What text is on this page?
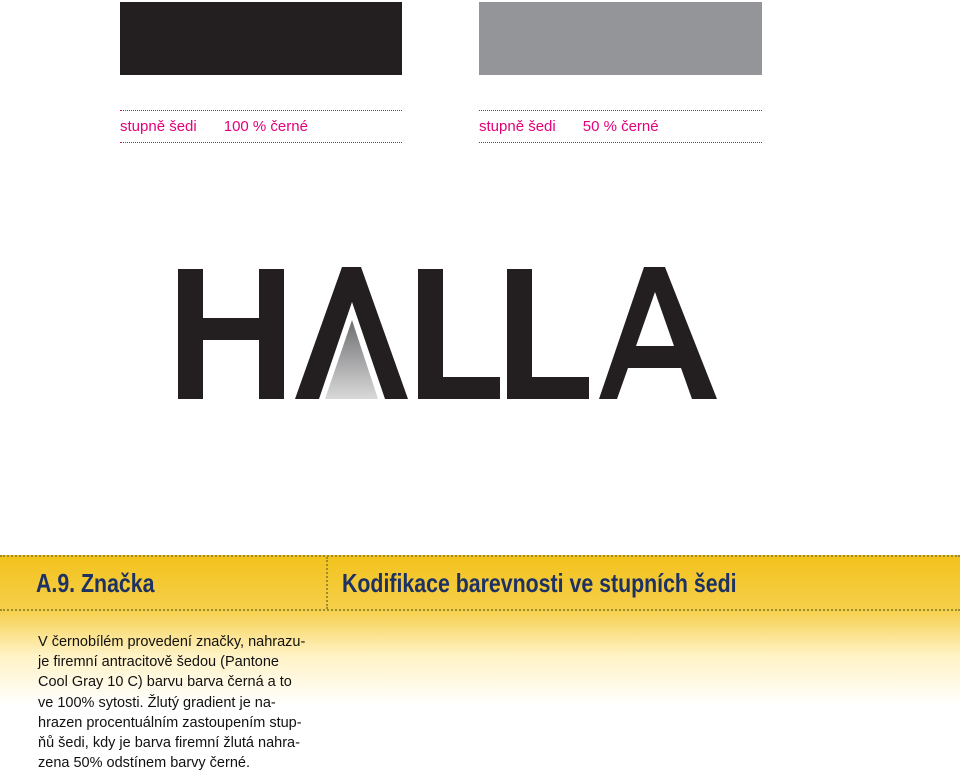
stupně šedi 100 % černé	stupně šedi 50 % černé
A.9. Značka	Kodifikace barevnosti ve stupních šedi
V černobílém provedení značky, nahrazu-
je firemní antracitově šedou (Pantone
Cool Gray 10 C) barvu barva černá a to
ve 100% sytosti. Žlutý gradient je na-
hrazen procentuálním zastoupením stup-
ňů šedi, kdy je barva firemní žlutá nahra-
zena 50% odstínem barvy černé.
